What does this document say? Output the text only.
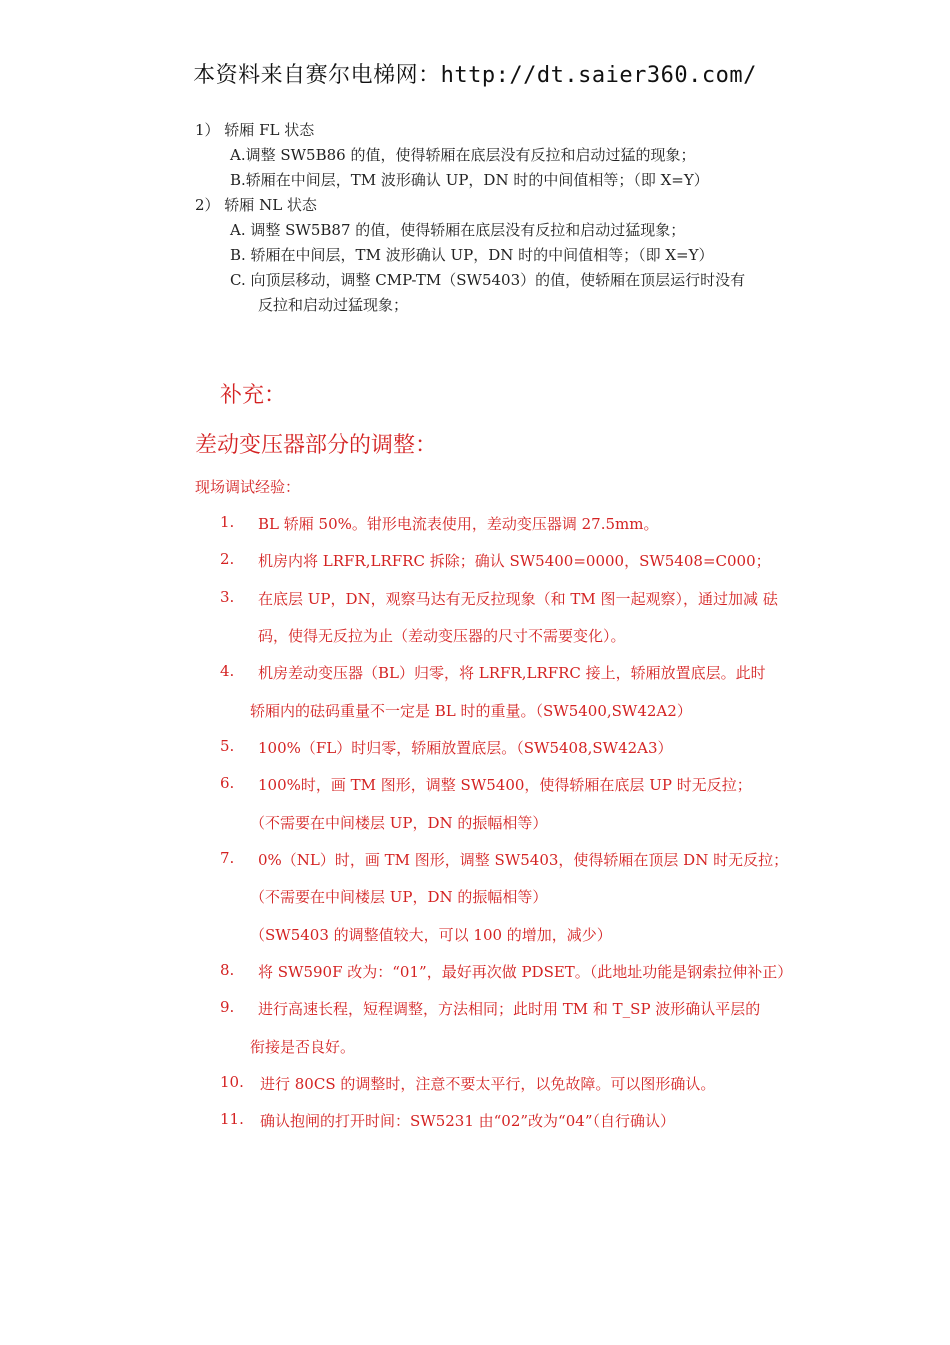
本资料来自赛尔电梯网：http://dt.saier360.com/
1） 轿厢 FL 状态
A.调整 SW5B86 的值，使得轿厢在底层没有反拉和启动过猛的现象；
B.轿厢在中间层，TM 波形确认 UP，DN 时的中间值相等；（即 X=Y）
2） 轿厢 NL 状态
A. 调整 SW5B87 的值，使得轿厢在底层没有反拉和启动过猛现象；
B. 轿厢在中间层，TM 波形确认 UP，DN 时的中间值相等；（即 X=Y）
C. 向顶层移动，调整 CMP-TM（SW5403）的值，使轿厢在顶层运行时没有
反拉和启动过猛现象；
补充：
差动变压器部分的调整：
现场调试经验：
1. BL 轿厢 50%。钳形电流表使用，差动变压器调 27.5mm。
2. 机房内将 LRFR,LRFRC 拆除；确认 SW5400=0000，SW5408=C000；
3. 在底层 UP，DN，观察马达有无反拉现象（和 TM 图一起观察），通过加减 砝
码，使得无反拉为止（差动变压器的尺寸不需要变化）。
4. 机房差动变压器（BL）归零，将 LRFR,LRFRC 接上，轿厢放置底层。此时
轿厢内的砝码重量不一定是 BL 时的重量。（SW5400,SW42A2）
5. 100%（FL）时归零，轿厢放置底层。（SW5408,SW42A3）
6. 100%时，画 TM 图形，调整 SW5400，使得轿厢在底层 UP 时无反拉；
（不需要在中间楼层 UP，DN 的振幅相等）
7. 0%（NL）时，画 TM 图形，调整 SW5403，使得轿厢在顶层 DN 时无反拉；
（不需要在中间楼层 UP，DN 的振幅相等）
（SW5403 的调整值较大，可以 100 的增加，减少）
8. 将 SW590F 改为：“01”，最好再次做 PDSET。（此地址功能是钢索拉伸补正）
9. 进行高速长程，短程调整，方法相同；此时用 TM 和 T_SP 波形确认平层的
衔接是否良好。
10. 进行 80CS 的调整时，注意不要太平行，以免故障。可以图形确认。
11. 确认抱闸的打开时间：SW5231 由“02”改为“04”（自行确认）
